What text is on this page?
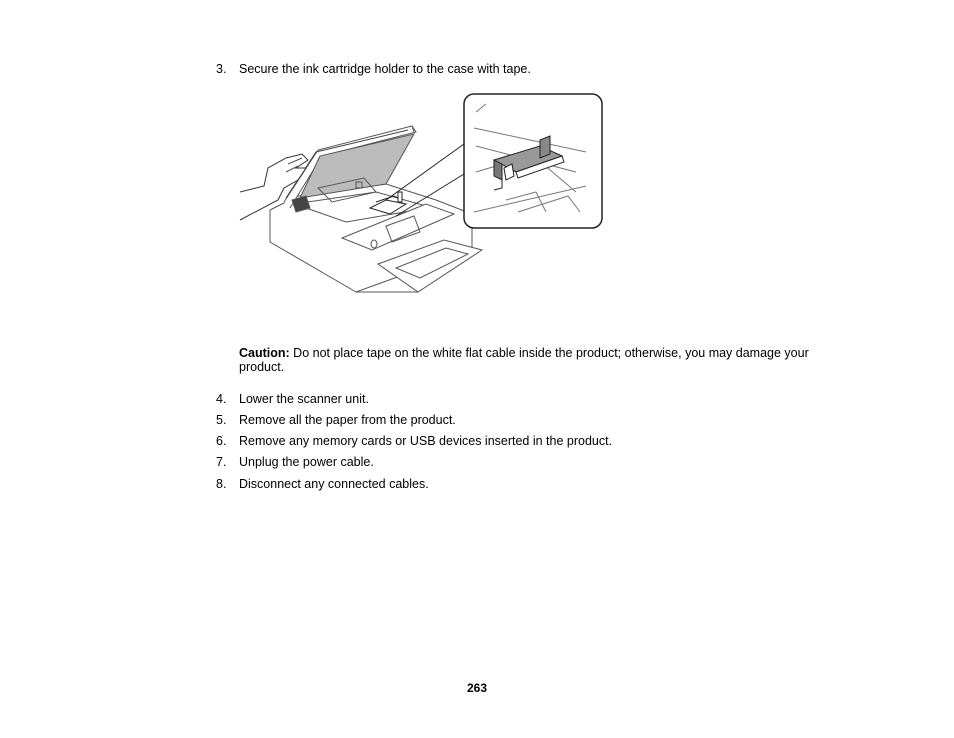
3. Secure the ink cartridge holder to the case with tape.
Caution: Do not place tape on the white flat cable inside the product; otherwise, you may damage your product.
4. Lower the scanner unit.
5. Remove all the paper from the product.
6. Remove any memory cards or USB devices inserted in the product.
7. Unplug the power cable.
8. Disconnect any connected cables.
263
